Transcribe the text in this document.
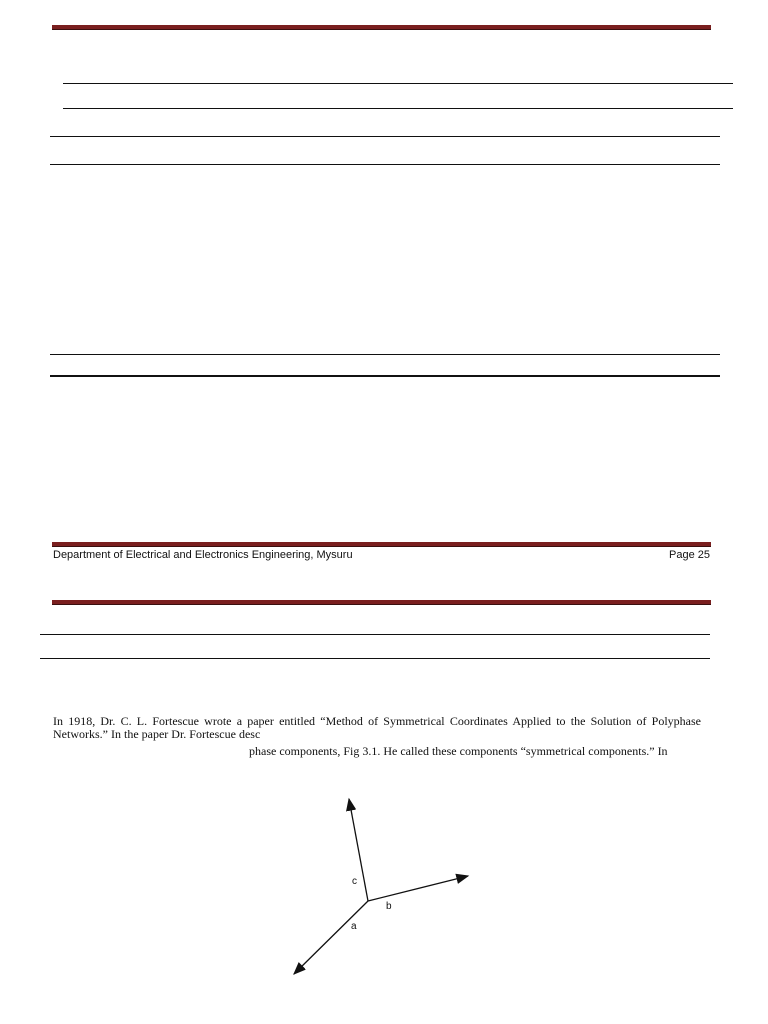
Department of Electrical and Electronics Engineering, Mysuru	Page 25
In 1918, Dr. C. L. Fortescue wrote a paper entitled “Method of Symmetrical Coordinates Applied to the Solution of Polyphase Networks.” In the paper Dr. Fortescue desc
phase components, Fig 3.1. He called these components “symmetrical components.” In
c
b
a
